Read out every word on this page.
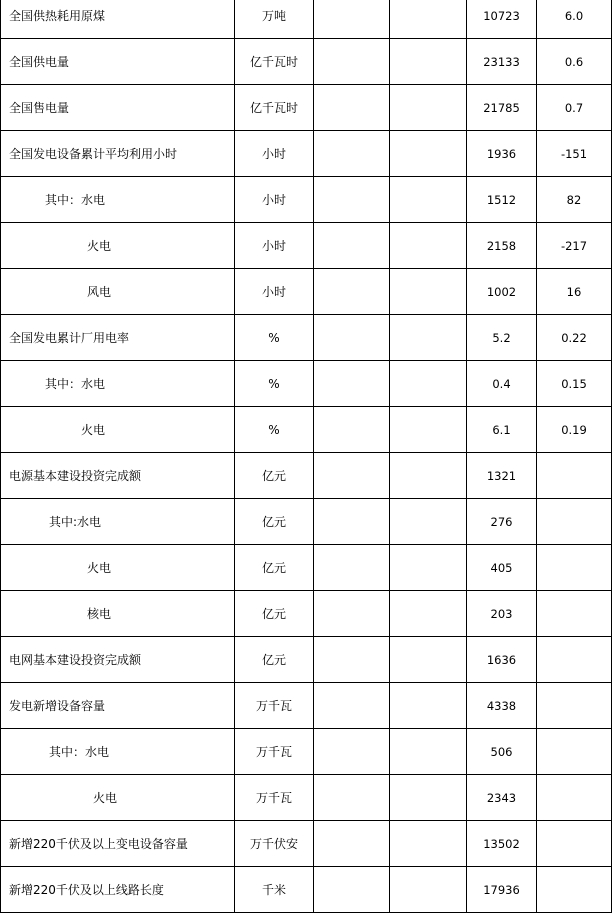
全国供热耗用原煤	万吨			10723	6.0
全国供电量	亿千瓦时			23133	0.6
全国售电量	亿千瓦时			21785	0.7
全国发电设备累计平均利用小时	小时			1936	-151
其中：水电	小时			1512	82
火电	小时			2158	-217
风电	小时			1002	16
全国发电累计厂用电率	%			5.2	0.22
其中：水电	%			0.4	0.15
火电	%			6.1	0.19
电源基本建设投资完成额	亿元			1321	
其中:水电	亿元			276	
火电	亿元			405	
核电	亿元			203	
电网基本建设投资完成额	亿元			1636	
发电新增设备容量	万千瓦			4338	
其中：水电	万千瓦			506	
火电	万千瓦			2343	
新增220千伏及以上变电设备容量	万千伏安			13502	
新增220千伏及以上线路长度	千米			17936	
